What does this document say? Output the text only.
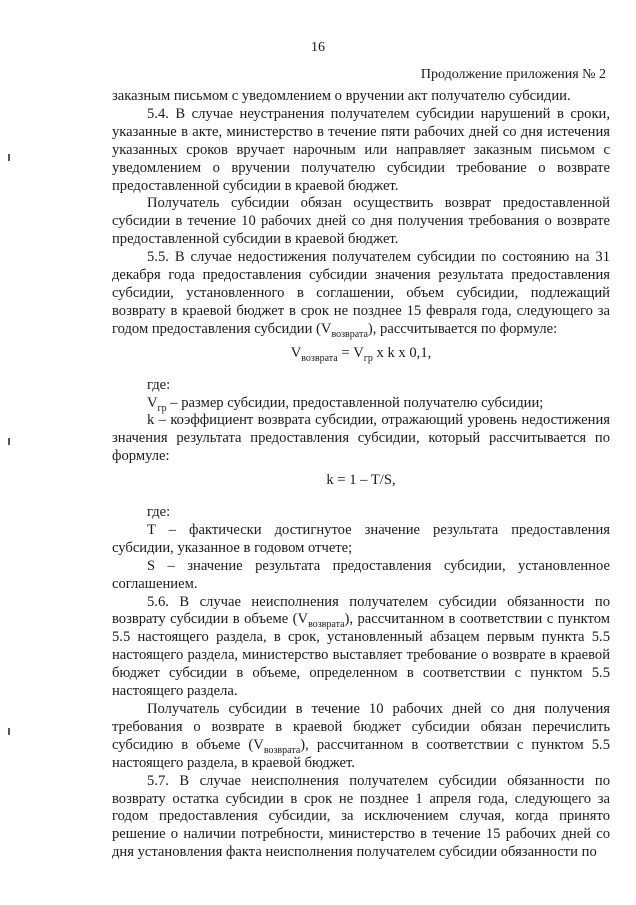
16
Продолжение приложения № 2

заказным письмом с уведомлением о вручении акт получателю субсидии.

5.4. В случае неустранения получателем субсидии нарушений в сроки, указанные в акте, министерство в течение пяти рабочих дней со дня истечения указанных сроков вручает нарочным или направляет заказным письмом с уведомлением о вручении получателю субсидии требование о возврате предоставленной субсидии в краевой бюджет.

Получатель субсидии обязан осуществить возврат предоставленной субсидии в течение 10 рабочих дней со дня получения требования о возврате предоставленной субсидии в краевой бюджет.

5.5. В случае недостижения получателем субсидии по состоянию на 31 декабря года предоставления субсидии значения результата предоставления субсидии, установленного в соглашении, объем субсидии, подлежащий возврату в краевой бюджет в срок не позднее 15 февраля года, следующего за годом предоставления субсидии $(V_{возврата})$, рассчитывается по формуле:

$V_{возврата} = V_{гр}$ x k x 0,1,

где:

$V_{гр}$ – размер субсидии, предоставленной получателю субсидии;

k – коэффициент возврата субсидии, отражающий уровень недостижения значения результата предоставления субсидии, который рассчитывается по формуле:

k = 1 – T/S,

где:

T – фактически достигнутое значение результата предоставления субсидии, указанное в годовом отчете;

S – значение результата предоставления субсидии, установленное соглашением.

5.6. В случае неисполнения получателем субсидии обязанности по возврату субсидии в объеме $(V_{возврата})$, рассчитанном в соответствии с пунктом 5.5 настоящего раздела, в срок, установленный абзацем первым пункта 5.5 настоящего раздела, министерство выставляет требование о возврате в краевой бюджет субсидии в объеме, определенном в соответствии с пунктом 5.5 настоящего раздела.

Получатель субсидии в течение 10 рабочих дней со дня получения требования о возврате в краевой бюджет субсидии обязан перечислить субсидию в объеме $(V_{возврата})$, рассчитанном в соответствии с пунктом 5.5 настоящего раздела, в краевой бюджет.

5.7. В случае неисполнения получателем субсидии обязанности по возврату остатка субсидии в срок не позднее 1 апреля года, следующего за годом предоставления субсидии, за исключением случая, когда принято решение о наличии потребности, министерство в течение 15 рабочих дней со дня установления факта неисполнения получателем субсидии обязанности по
